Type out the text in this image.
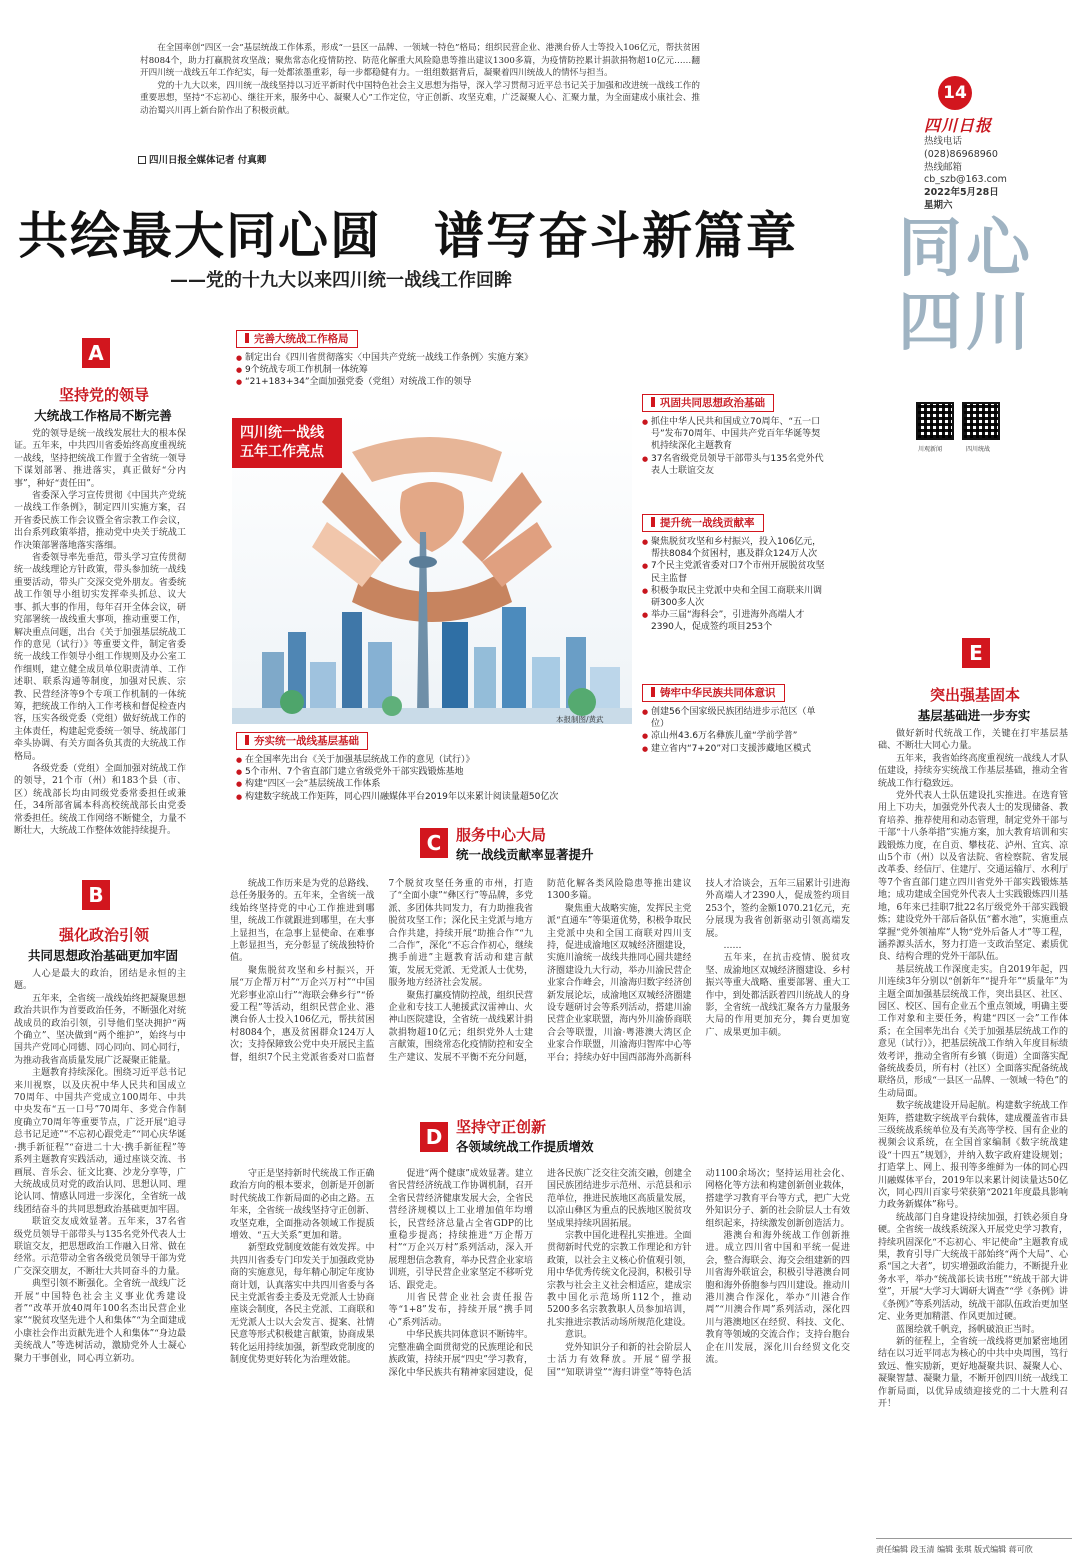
在全国率创“四区一会”基层统战工作体系，形成“一县区一品牌、一领域一特色”格局；组织民营企业、港澳台侨人士等投入106亿元，帮扶贫困村8084个，助力打赢脱贫攻坚战；聚焦常态化疫情防控、防范化解重大风险隐患等推出建议1300多篇，为疫情防控累计捐款捐物超10亿元……翻开四川统一战线五年工作纪实，每一处都浓墨重彩，每一步都稳健有力。一组组数据背后，凝聚着四川统战人的情怀与担当。

党的十九大以来，四川统一战线坚持以习近平新时代中国特色社会主义思想为指导，深入学习贯彻习近平总书记关于加强和改进统一战线工作的重要思想，坚持“不忘初心、继往开来，服务中心、凝聚人心”工作定位，守正创新、攻坚克难，广泛凝聚人心、汇聚力量，为全面建成小康社会、推动治蜀兴川再上新台阶作出了积极贡献。

四川日报全媒体记者 付真卿
14
四川日报
热线电话
(028)86968960
热线邮箱
cb_szb@163.com
2022年5月28日
星期六
同心
四川
川观新闻	四川统战
共绘最大同心圆　谱写奋斗新篇章
——党的十九大以来四川统一战线工作回眸
A
坚持党的领导
大统战工作格局不断完善

党的领导是统一战线发展壮大的根本保证。五年来，中共四川省委始终高度重视统一战线，坚持把统战工作置于全省统一领导下谋划部署、推进落实，真正做好“分内事”，种好“责任田”。

省委深入学习宣传贯彻《中国共产党统一战线工作条例》，制定四川实施方案，召开省委民族工作会议暨全省宗教工作会议，出台系列政策举措，推动党中央关于统战工作决策部署落地落实落细。

省委领导率先垂范，带头学习宣传贯彻统一战线理论方针政策，带头参加统一战线重要活动，带头广交深交党外朋友。省委统战工作领导小组切实发挥牵头抓总、议大事、抓大事的作用，每年召开全体会议，研究部署统一战线重大事项，推动重要工作，解决重点问题，出台《关于加强基层统战工作的意见（试行）》等重要文件，制定省委统一战线工作领导小组工作规则及办公室工作细则，建立健全成员单位职责清单、工作述职、联系沟通等制度，加强对民族、宗教、民营经济等9个专项工作机制的一体统筹，把统战工作纳入工作考核和督促检查内容，压实各级党委（党组）做好统战工作的主体责任，构建起党委统一领导、统战部门牵头协调、有关方面各负其责的大统战工作格局。

各级党委（党组）全面加强对统战工作的领导，21个市（州）和183个县（市、区）统战部长均由同级党委常委担任或兼任，34所部省属本科高校统战部长由党委常委担任。统战工作网络不断健全，力量不断壮大，大统战工作整体效能持续提升。

B
强化政治引领
共同思想政治基础更加牢固

人心是最大的政治，团结是永恒的主题。

五年来，全省统一战线始终把凝聚思想政治共识作为首要政治任务，不断强化对统战成员的政治引领，引导他们坚决拥护“两个确立”、坚决做到“两个维护”，始终与中国共产党同心同德、同心同向、同心同行，为推动我省高质量发展广泛凝聚正能量。

主题教育持续深化。围绕习近平总书记来川视察，以及庆祝中华人民共和国成立70周年、中国共产党成立100周年、中共中央发布“五一口号”70周年、多党合作制度确立70周年等重要节点，广泛开展“追寻总书记足迹”“不忘初心跟党走”“同心庆华诞·携手新征程”“奋进二十大·携手新征程”等系列主题教育实践活动，通过座谈交流、书画展、音乐会、征文比赛、沙龙分享等，广大统战成员对党的政治认同、思想认同、理论认同、情感认同进一步深化，全省统一战线团结奋斗的共同思想政治基础更加牢固。

联谊交友成效显著。五年来，37名省级党员领导干部带头与135名党外代表人士联谊交友，把思想政治工作融入日常、做在经常。示范带动全省各级党员领导干部为党广交深交朋友，不断壮大共同奋斗的力量。

典型引领不断强化。全省统一战线广泛开展“中国特色社会主义事业优秀建设者”“改革开放40周年100名杰出民营企业家”“脱贫攻坚先进个人和集体”“为全面建成小康社会作出贡献先进个人和集体”“身边最美统战人”等选树活动，激励党外人士凝心聚力干事创业，同心再立新功。

完善大统战工作格局
● 制定出台《四川省贯彻落实〈中国共产党统一战线工作条例〉实施方案》
● 9个统战专项工作机制一体统筹
● “21+183+34”全面加强党委（党组）对统战工作的领导
四川统一战线
五年工作亮点
本报制图/黄武
巩固共同思想政治基础
● 抓住中华人民共和国成立70周年、“五一口号”发布70周年、中国共产党百年华诞等契机持续深化主题教育
● 37名省级党员领导干部带头与135名党外代表人士联谊交友
提升统一战线贡献率
● 聚焦脱贫攻坚和乡村振兴，投入106亿元，帮扶8084个贫困村，惠及群众124万人次
● 7个民主党派省委对口7个市州开展脱贫攻坚民主监督
● 积极争取民主党派中央和全国工商联来川调研300多人次
● 举办三届“海科会”，引进海外高端人才2390人，促成签约项目253个
铸牢中华民族共同体意识
● 创建56个国家级民族团结进步示范区（单位）
● 凉山州43.6万名彝族儿童“学前学普”
● 建立省内“7+20”对口支援涉藏地区模式
夯实统一战线基层基础
● 在全国率先出台《关于加强基层统战工作的意见（试行）》
● 5个市州、7个省直部门建立省级党外干部实践锻炼基地
● 构建“四区一会”基层统战工作体系
● 构建数字统战工作矩阵，同心四川融媒体平台2019年以来累计阅读量超50亿次
C 服务中心大局
统一战线贡献率显著提升

统战工作历来是为党的总路线、总任务服务的。五年来，全省统一战线始终坚持党的中心工作推进到哪里，统战工作就跟进到哪里，在大事上显担当，在急事上显使命、在难事上彰显担当，充分彰显了统战独特价值。

聚焦脱贫攻坚和乡村振兴，开展“万企帮万村”“万企兴万村”“中国光彩事业凉山行”“海联会彝乡行”“侨爱工程”等活动，组织民营企业、港澳台侨人士投入106亿元，帮扶贫困村8084个，惠及贫困群众124万人次；支持保障致公党中央开展民主监督，组织7个民主党派省委对口监督7个脱贫攻坚任务重的市州，打造了“全面小康”“彝区行”等品牌，多党派、多团体共同发力，有力助推我省脱贫攻坚工作；深化民主党派与地方合作共建，持续开展“助推合作”“九二合作”，深化“不忘合作初心，继续携手前进”主题教育活动和建言献策，发展无党派、无党派人士优势，服务地方经济社会发展。

聚焦打赢疫情防控战，组织民营企业和专技工人驰援武汉雷神山、火神山医院建设，全省统一战线累计捐款捐物超10亿元；组织党外人士建言献策，围绕常态化疫情防控和安全生产建议、发展不平衡不充分问题，防范化解各类风险隐患等推出建议1300多篇。

聚焦重大战略实施，发挥民主党派“直通车”等渠道优势，积极争取民主党派中央和全国工商联对四川支持，促进成渝地区双城经济圈建设，实施川渝统一战线共推同心圆共建经济圈建设九大行动，举办川渝民营企业家合作峰会，川渝海归数字经济创新发展论坛，成渝地区双城经济圈建设专题研讨会等系列活动，搭建川渝民营企业家联盟，海内外川渝侨商联合会等联盟，川渝·粤港澳大湾区企业家合作联盟，川渝海归智库中心等平台；持续办好中国西部海外高新科技人才洽谈会，五年三届累计引进海外高端人才2390人，促成签约项目253个，签约金额1070.21亿元，充分展现为我省创新驱动引领高端发展。

……

五年来，在抗击疫情、脱贫攻坚、成渝地区双城经济圈建设、乡村振兴等重大战略、重要部署、重大工作中，到处都活跃着四川统战人的身影，全省统一战线汇聚各方力量服务大局的作用更加充分，舞台更加宽广、成果更加丰硕。

D 坚持守正创新
各领域统战工作提质增效

守正是坚持新时代统战工作正确政治方向的根本要求，创新是开创新时代统战工作新局面的必由之路。五年来，全省统一战线坚持守正创新、攻坚克难，全面推动各领域工作提质增效、“五大关系”更加和谐。

新型政党制度效能有效发挥。中共四川省委专门印发关于加强政党协商的实施意见，每年精心制定年度协商计划，认真落实中共四川省委与各民主党派省委主委及无党派人士协商座谈会制度，各民主党派、工商联和无党派人士以大会发言、提案、社情民意等形式积极建言献策，协商成果转化运用持续加强，新型政党制度的制度优势更好转化为治理效能。

促进“两个健康”成效显著。建立省民营经济统战工作协调机制，召开全省民营经济健康发展大会，全省民营经济规模以上工业增加值年均增长，民营经济总量占全省GDP的比重稳步提高；持续推进“万企帮万村”“万企兴万村”系列活动，深入开展理想信念教育，举办民营企业家培训班，引导民营企业家坚定不移听党话、跟党走。

川省民营企业社会责任报告等“1+8”发布，持续开展“携手同心”系列活动。

中华民族共同体意识不断铸牢。完整准确全面贯彻党的民族理论和民族政策，持续开展“四史”学习教育，深化中华民族共有精神家园建设，促进各民族广泛交往交流交融，创建全国民族团结进步示范州、示范县和示范单位，推进民族地区高质量发展，以凉山彝区为重点的民族地区脱贫攻坚成果持续巩固拓展。

宗教中国化进程扎实推进。全面贯彻新时代党的宗教工作理论和方针政策，以社会主义核心价值观引领，用中华优秀传统文化浸润，积极引导宗教与社会主义社会相适应，建成宗教中国化示范场所112个，推动5200多名宗教教职人员参加培训，扎实推进宗教活动场所规范化建设。

意识。

党外知识分子和新的社会阶层人士活力有效释放。开展“留学报国”“知联讲堂”“海归讲堂”等特色活动1100余场次；坚持运用社会化、网格化等方法和构建创新创业载体，搭建学习教育平台等方式，把广大党外知识分子、新的社会阶层人士有效组织起来，持续激发创新创造活力。

港澳台和海外统战工作创新推进。成立四川省中国和平统一促进会，整合海联会、海交会组建新的四川省海外联谊会，积极引导港澳台同胞和海外侨胞参与四川建设。推动川港川澳合作深化，举办“川港合作周”“川澳合作周”系列活动，深化四川与港澳地区在经贸、科技、文化、教育等领域的交流合作；支持台胞台企在川发展，深化川台经贸文化交流。

E
突出强基固本
基层基础进一步夯实

做好新时代统战工作，关键在打牢基层基础、不断壮大同心力量。

五年来，我省始终高度重视统一战线人才队伍建设，持续夯实统战工作基层基础，推动全省统战工作行稳致远。

党外代表人士队伍建设扎实推进。在选育管用上下功夫，加强党外代表人士的发现储备、教育培养、推荐使用和动态管理，制定党外干部与干部“十八条举措”实施方案，加大教育培训和实践锻炼力度，在自贡、攀枝花、泸州、宜宾、凉山5个市（州）以及省法院、省检察院、省发展改革委、经信厅、住建厅、交通运输厅、水利厅等7个省直部门建立四川省党外干部实践锻炼基地；成功建成全国党外代表人士实践锻炼四川基地，6年来已挂职7批22名厅级党外干部实践锻炼；建设党外干部后备队伍“蓄水池”，实施重点掌握“党外领袖库”人物“党外后备人才”等工程，涵养源头活水，努力打造一支政治坚定、素质优良、结构合理的党外干部队伍。

基层统战工作深度走实。自2019年起，四川连续3年分别以“创新年”“提升年”“质量年”为主题全面加强基层统战工作，突出县区、社区、园区、校区、国有企业五个重点领域，明确主要工作对象和主要任务，构建“四区一会”工作体系；在全国率先出台《关于加强基层统战工作的意见（试行）》，把基层统战工作纳入年度目标绩效考评，推动全省所有乡镇（街道）全面落实配备统战委员，所有村（社区）全面落实配备统战联络员，形成“一县区一品牌、一领域一特色”的生动局面。

数字统战建设开局起航。构建数字统战工作矩阵，搭建数字统战平台载体，建成覆盖省市县三级统战系统单位及有关高等学校、国有企业的视频会议系统，在全国首家编制《数字统战建设“十四五”规划》，并纳入数字政府建设规划；打造掌上、网上、报刊等多维鲜为一体的同心四川融媒体平台，2019年以来累计阅读量达50亿次，同心四川百家号荣获第“2021年度最具影响力政务新媒体”称号。

统战部门自身建设持续加强，打铁必须自身硬。全省统一战线系统深入开展党史学习教育，持续巩固深化“不忘初心、牢记使命”主题教育成果，教育引导广大统战干部始终“两个大局”、心系“国之大者”，切实增强政治能力，不断提升业务水平，举办“统战部长读书班”“统战干部大讲堂”，开展“大学习大调研大调查”“学《条例》讲《条例》”等系列活动，统战干部队伍政治更加坚定、业务更加精湛、作风更加过硬。

蓝图绘就千帆竞，扬帆破浪正当时。

新的征程上，全省统一战线将更加紧密地团结在以习近平同志为核心的中共中央周围，笃行致远、惟实励新，更好地凝聚共识、凝聚人心、凝聚智慧、凝聚力量，不断开创四川统一战线工作新局面，以优异成绩迎接党的二十大胜利召开！

责任编辑 段玉清 编辑 张琪 版式编辑 蒋可欣
